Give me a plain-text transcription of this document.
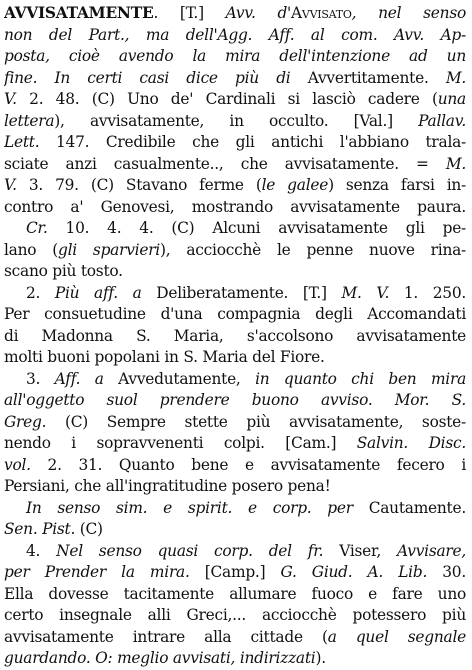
AVVISATAMENTE. [T.] Avv. d'Avvisato, nel senso
non del Part., ma dell'Agg. Aff. al com. Avv. Ap-
posta, cioè avendo la mira dell'intenzione ad un
fine. In certi casi dice più di Avvertitamente. M.
V. 2. 48. (C) Uno de' Cardinali si lasciò cadere (una
lettera), avvisatamente, in occulto. [Val.] Pallav.
Lett. 147. Credibile che gli antichi l'abbiano trala-
sciate anzi casualmente.., che avvisatamente. = M.
V. 3. 79. (C) Stavano ferme (le galee) senza farsi in-
contro a' Genovesi, mostrando avvisatamente paura.
Cr. 10. 4. 4. (C) Alcuni avvisatamente gli pe-
lano (gli sparvieri), acciocchè le penne nuove rina-
scano più tosto.
2. Più aff. a Deliberatamente. [T.] M. V. 1. 250.
Per consuetudine d'una compagnia degli Accomandati
di Madonna S. Maria, s'accolsono avvisatamente
molti buoni popolani in S. Maria del Fiore.
3. Aff. a Avvedutamente, in quanto chi ben mira
all'oggetto suol prendere buono avviso. Mor. S.
Greg. (C) Sempre stette più avvisatamente, soste-
nendo i sopravvenenti colpi. [Cam.] Salvin. Disc.
vol. 2. 31. Quanto bene e avvisatamente fecero i
Persiani, che all'ingratitudine posero pena!
In senso sim. e spirit. e corp. per Cautamente.
Sen. Pist. (C)
4. Nel senso quasi corp. del fr. Viser, Avvisare,
per Prender la mira. [Camp.] G. Giud. A. Lib. 30.
Ella dovesse tacitamente allumare fuoco e fare uno
certo insegnale alli Greci,... acciocchè potessero più
avvisatamente intrare alla cittade (a quel segnale
guardando. O: meglio avvisati, indirizzati).
